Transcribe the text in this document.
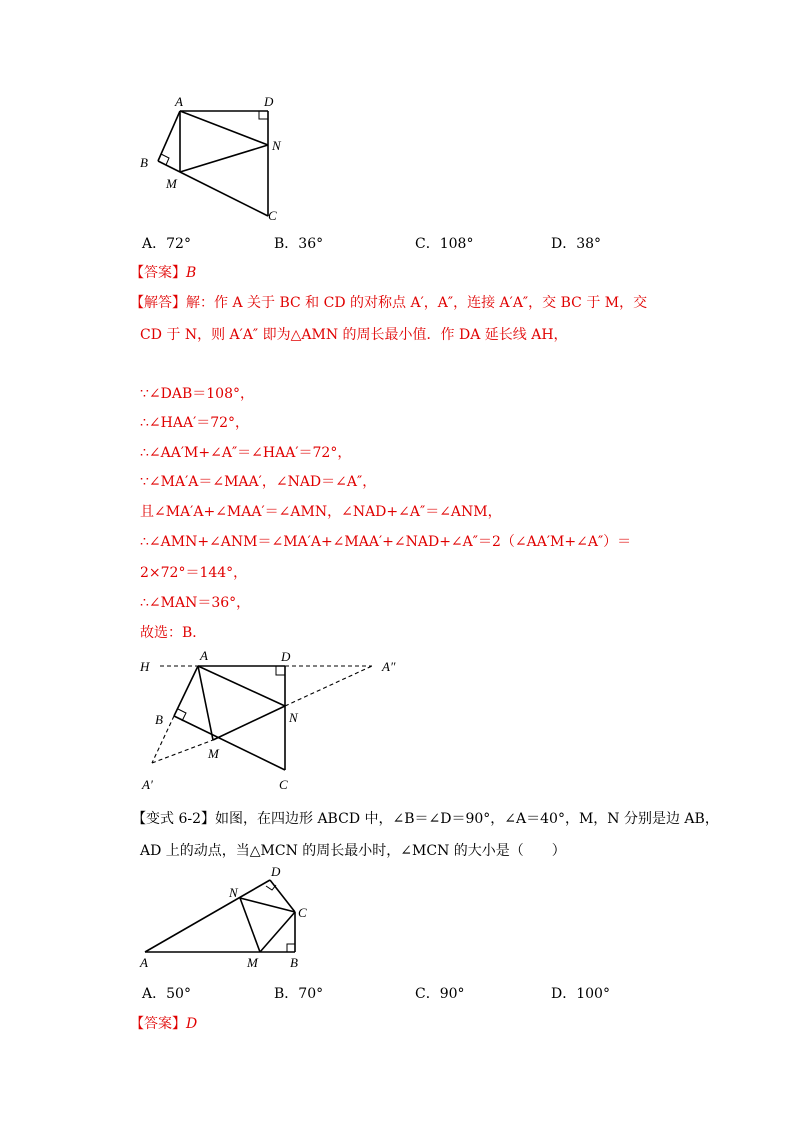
A	D
B
M
N
C
A．72°	B．36°	C．108°	D．38°
【答案】B
【解答】解：作 A 关于 BC 和 CD 的对称点 A′，A″，连接 A′A″，交 BC 于 M，交
CD 于 N，则 A′A″ 即为△AMN 的周长最小值．作 DA 延长线 AH，
∵∠DAB＝108°，
∴∠HAA′＝72°，
∴∠AA′M+∠A″＝∠HAA′＝72°，
∵∠MA′A＝∠MAA′，∠NAD＝∠A″，
且∠MA′A+∠MAA′＝∠AMN，∠NAD+∠A″＝∠ANM，
∴∠AMN+∠ANM＝∠MA′A+∠MAA′+∠NAD+∠A″＝2（∠AA′M+∠A″）＝
2×72°＝144°，
∴∠MAN＝36°，
故选：B．
H
A	D
A″
B	N
M
A′	C
【变式 6-2】如图，在四边形 ABCD 中，∠B＝∠D＝90°，∠A＝40°，M，N 分别是边 AB，
AD 上的动点，当△MCN 的周长最小时，∠MCN 的大小是（　　）
N
D
C
A	M B
A．50°	B．70°	C．90°	D．100°
【答案】D
